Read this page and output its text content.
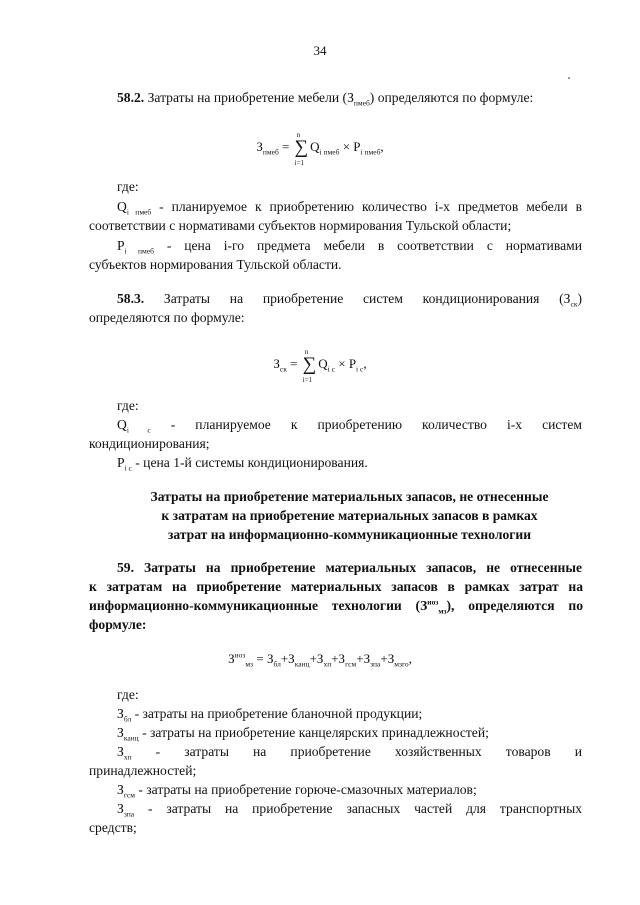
34
58.2. Затраты на приобретение мебели $(З_{пмеб})$ определяются по формуле:
$З_{пмеб}$ =
n
∑
i=1
$Q_{i пмеб} \times P_{i пмеб}$,
где:
$Q_{i пмеб}$ - планируемое к приобретению количество i-x предметов мебели в
соответствии с нормативами субъектов нормирования Тульской области;
$P_{i пмеб}$ - цена i-го предмета мебели в соответствии с нормативами
субъектов нормирования Тульской области.
58.3. Затраты на приобретение систем кондиционирования $(З_{ск})$
определяются по формуле:
$З_{ск}$ =
n
∑
i=1
$Q_{i с} \times P_{i с}$,
где:
$Q_{i с}$ - планируемое к приобретению количество i-x систем
кондиционирования;
$P_{i с}$ - цена 1-й системы кондиционирования.
Затраты на приобретение материальных запасов, не отнесенные
к затратам на приобретение материальных запасов в рамках
затрат на информационно-коммуникационные технологии
59. Затраты на приобретение материальных запасов, не отнесенные
к затратам на приобретение материальных запасов в рамках затрат на
информационно-коммуникационные технологии $(З^{иоз}_{мз})$, определяются по
формуле:
$З^{иоз}_{мз} = З_{бл}+З_{канц}+З_{хп}+З_{гсм}+З_{зпа}+З_{мзго}$,
где:
$З_{бл}$ - затраты на приобретение бланочной продукции;
$З_{канц}$ - затраты на приобретение канцелярских принадлежностей;
$З_{хп}$ - затраты на приобретение хозяйственных товаров и
принадлежностей;
$З_{гсм}$ - затраты на приобретение горюче-смазочных материалов;
$З_{зпа}$ - затраты на приобретение запасных частей для транспортных
средств;
